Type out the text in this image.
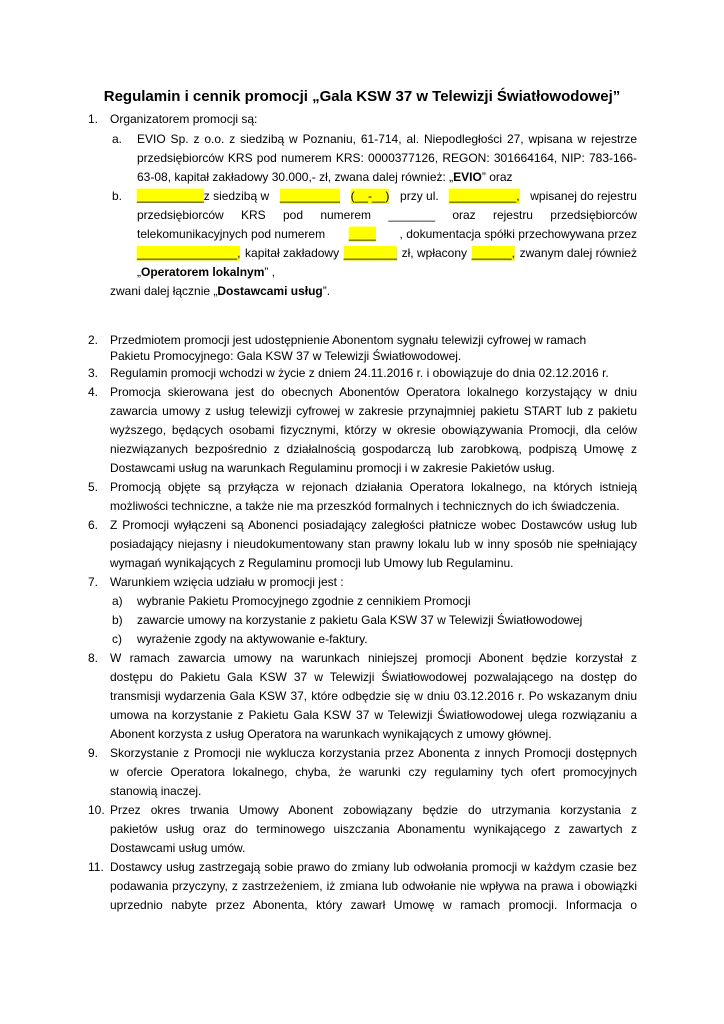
Regulamin i cennik promocji „Gala KSW 37 w Telewizji Światłowodowej”
1. Organizatorem promocji są:
a. EVIO Sp. z o.o. z siedzibą w Poznaniu, 61-714, al. Niepodległości 27, wpisana w rejestrze
przedsiębiorców KRS pod numerem KRS: 0000377126, REGON: 301664164, NIP: 783-166-
63-08, kapitał zakładowy 30.000,- zł, zwana dalej również: „EVIO” oraz
b. __________z siedzibą w _________ (__-__) przy ul. __________, wpisanej do rejestru
przedsiębiorców KRS pod numerem _______ oraz rejestru przedsiębiorców
telekomunikacyjnych pod numerem ____ , dokumentacja spółki przechowywana przez
_______________, kapitał zakładowy ________ zł, wpłacony ______, zwanym dalej również
„Operatorem lokalnym” ,
zwani dalej łącznie „Dostawcami usług”.
2. Przedmiotem promocji jest udostępnienie Abonentom sygnału telewizji cyfrowej w ramach
Pakietu Promocyjnego: Gala KSW 37 w Telewizji Światłowodowej.
3. Regulamin promocji wchodzi w życie z dniem 24.11.2016 r. i obowiązuje do dnia 02.12.2016 r.
4. Promocja skierowana jest do obecnych Abonentów Operatora lokalnego korzystający w dniu
zawarcia umowy z usług telewizji cyfrowej w zakresie przynajmniej pakietu START lub z pakietu
wyższego, będących osobami fizycznymi, którzy w okresie obowiązywania Promocji, dla celów
niezwiązanych bezpośrednio z działalnością gospodarczą lub zarobkową, podpiszą Umowę z
Dostawcami usług na warunkach Regulaminu promocji i w zakresie Pakietów usług.
5. Promocją objęte są przyłącza w rejonach działania Operatora lokalnego, na których istnieją
możliwości techniczne, a także nie ma przeszkód formalnych i technicznych do ich świadczenia.
6. Z Promocji wyłączeni są Abonenci posiadający zaległości płatnicze wobec Dostawców usług lub
posiadający niejasny i nieudokumentowany stan prawny lokalu lub w inny sposób nie spełniający
wymagań wynikających z Regulaminu promocji lub Umowy lub Regulaminu.
7. Warunkiem wzięcia udziału w promocji jest :
a) wybranie Pakietu Promocyjnego zgodnie z cennikiem Promocji
b) zawarcie umowy na korzystanie z pakietu Gala KSW 37 w Telewizji Światłowodowej
c) wyrażenie zgody na aktywowanie e-faktury.
8. W ramach zawarcia umowy na warunkach niniejszej promocji Abonent będzie korzystał z
dostępu do Pakietu Gala KSW 37 w Telewizji Światłowodowej pozwalającego na dostęp do
transmisji wydarzenia Gala KSW 37, które odbędzie się w dniu 03.12.2016 r. Po wskazanym dniu
umowa na korzystanie z Pakietu Gala KSW 37 w Telewizji Światłowodowej ulega rozwiązaniu a
Abonent korzysta z usług Operatora na warunkach wynikających z umowy głównej.
9. Skorzystanie z Promocji nie wyklucza korzystania przez Abonenta z innych Promocji dostępnych
w ofercie Operatora lokalnego, chyba, że warunki czy regulaminy tych ofert promocyjnych
stanowią inaczej.
10. Przez okres trwania Umowy Abonent zobowiązany będzie do utrzymania korzystania z
pakietów usług oraz do terminowego uiszczania Abonamentu wynikającego z zawartych z
Dostawcami usług umów.
11. Dostawcy usług zastrzegają sobie prawo do zmiany lub odwołania promocji w każdym czasie bez
podawania przyczyny, z zastrzeżeniem, iż zmiana lub odwołanie nie wpływa na prawa i obowiązki
uprzednio nabyte przez Abonenta, który zawarł Umowę w ramach promocji. Informacja o
